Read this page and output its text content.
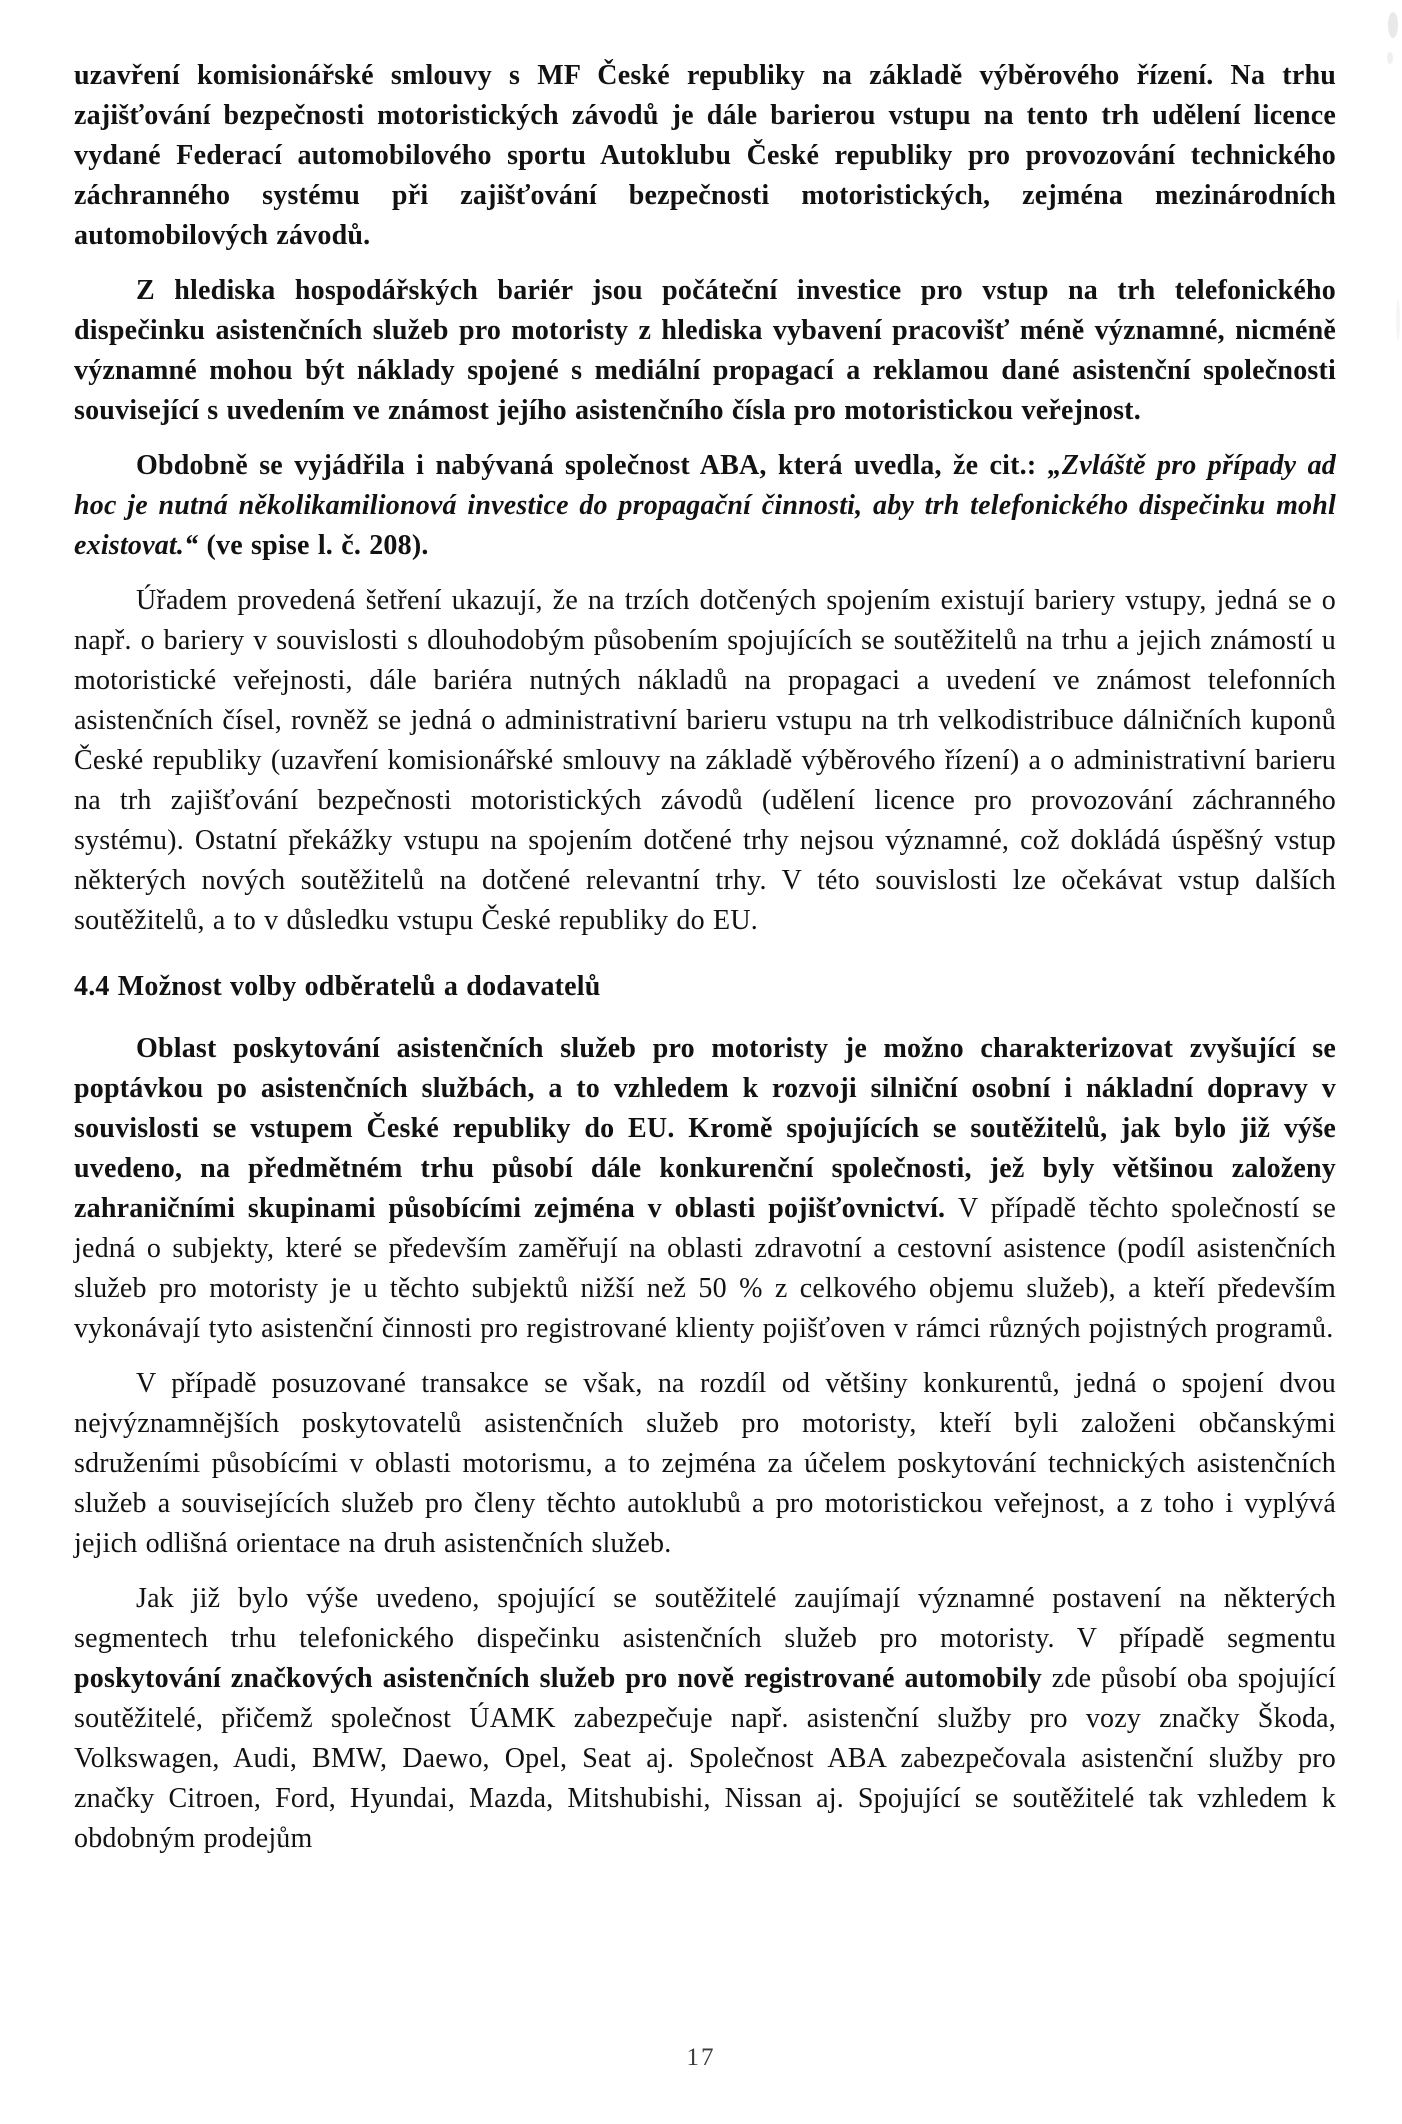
uzavření komisionářské smlouvy s MF České republiky na základě výběrového řízení. Na trhu zajišťování bezpečnosti motoristických závodů je dále barierou vstupu na tento trh udělení licence vydané Federací automobilového sportu Autoklubu České republiky pro provozování technického záchranného systému při zajišťování bezpečnosti motoristických, zejména mezinárodních automobilových závodů.

Z hlediska hospodářských bariér jsou počáteční investice pro vstup na trh telefonického dispečinku asistenčních služeb pro motoristy z hlediska vybavení pracovišť méně významné, nicméně významné mohou být náklady spojené s mediální propagací a reklamou dané asistenční společnosti související s uvedením ve známost jejího asistenčního čísla pro motoristickou veřejnost.

Obdobně se vyjádřila i nabývaná společnost ABA, která uvedla, že cit.: „Zvláště pro případy ad hoc je nutná několikamilionová investice do propagační činnosti, aby trh telefonického dispečinku mohl existovat.“ (ve spise l. č. 208).

Úřadem provedená šetření ukazují, že na trzích dotčených spojením existují bariery vstupy, jedná se o např. o bariery v souvislosti s dlouhodobým působením spojujících se soutěžitelů na trhu a jejich známostí u motoristické veřejnosti, dále bariéra nutných nákladů na propagaci a uvedení ve známost telefonních asistenčních čísel, rovněž se jedná o administrativní barieru vstupu na trh velkodistribuce dálničních kuponů České republiky (uzavření komisionářské smlouvy na základě výběrového řízení) a o administrativní barieru na trh zajišťování bezpečnosti motoristických závodů (udělení licence pro provozování záchranného systému). Ostatní překážky vstupu na spojením dotčené trhy nejsou významné, což dokládá úspěšný vstup některých nových soutěžitelů na dotčené relevantní trhy. V této souvislosti lze očekávat vstup dalších soutěžitelů, a to v důsledku vstupu České republiky do EU.

4.4 Možnost volby odběratelů a dodavatelů

Oblast poskytování asistenčních služeb pro motoristy je možno charakterizovat zvyšující se poptávkou po asistenčních službách, a to vzhledem k rozvoji silniční osobní i nákladní dopravy v souvislosti se vstupem České republiky do EU. Kromě spojujících se soutěžitelů, jak bylo již výše uvedeno, na předmětném trhu působí dále konkurenční společnosti, jež byly většinou založeny zahraničními skupinami působícími zejména v oblasti pojišťovnictví. V případě těchto společností se jedná o subjekty, které se především zaměřují na oblasti zdravotní a cestovní asistence (podíl asistenčních služeb pro motoristy je u těchto subjektů nižší než 50 % z celkového objemu služeb), a kteří především vykonávají tyto asistenční činnosti pro registrované klienty pojišťoven v rámci různých pojistných programů.

V případě posuzované transakce se však, na rozdíl od většiny konkurentů, jedná o spojení dvou nejvýznamnějších poskytovatelů asistenčních služeb pro motoristy, kteří byli založeni občanskými sdruženími působícími v oblasti motorismu, a to zejména za účelem poskytování technických asistenčních služeb a souvisejících služeb pro členy těchto autoklubů a pro motoristickou veřejnost, a z toho i vyplývá jejich odlišná orientace na druh asistenčních služeb.

Jak již bylo výše uvedeno, spojující se soutěžitelé zaujímají významné postavení na některých segmentech trhu telefonického dispečinku asistenčních služeb pro motoristy. V případě segmentu poskytování značkových asistenčních služeb pro nově registrované automobily zde působí oba spojující soutěžitelé, přičemž společnost ÚAMK zabezpečuje např. asistenční služby pro vozy značky Škoda, Volkswagen, Audi, BMW, Daewo, Opel, Seat aj. Společnost ABA zabezpečovala asistenční služby pro značky Citroen, Ford, Hyundai, Mazda, Mitshubishi, Nissan aj. Spojující se soutěžitelé tak vzhledem k obdobným prodejům

17
